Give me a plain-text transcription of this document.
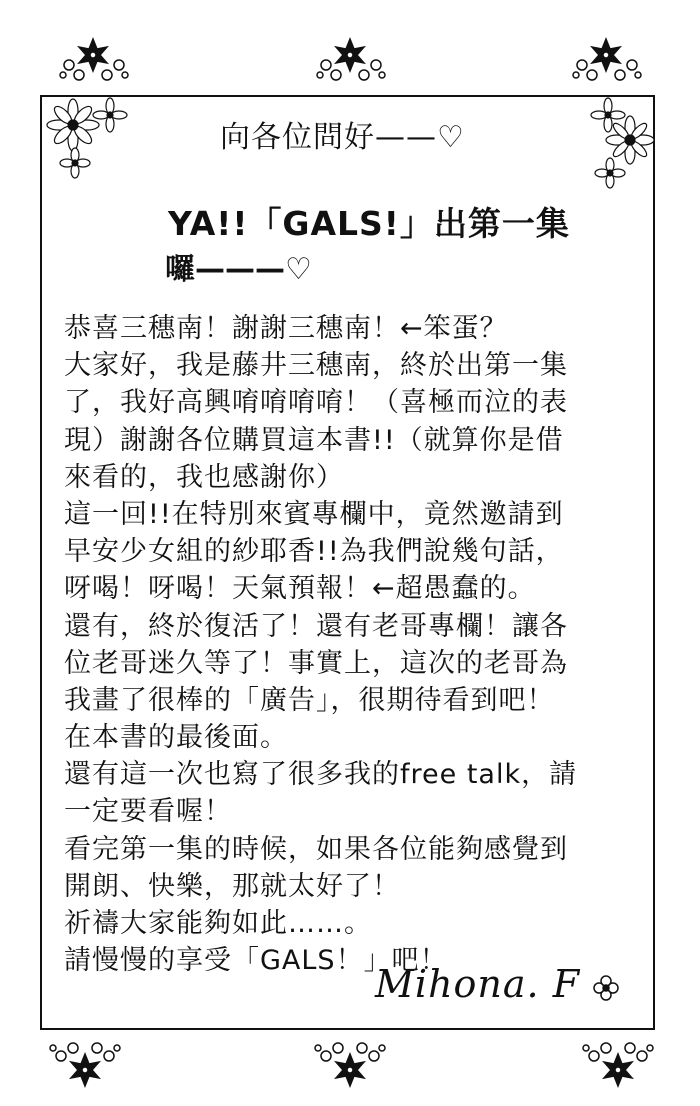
向各位問好——♡
YA!!「GALS!」出第一集
囉———♡
恭喜三穗南！謝謝三穗南！←笨蛋？
大家好，我是藤井三穗南，終於出第一集
了，我好高興唷唷唷唷！（喜極而泣的表
現）謝謝各位購買這本書!!（就算你是借
來看的，我也感謝你）
這一回!!在特別來賓專欄中，竟然邀請到
早安少女組的紗耶香!!為我們說幾句話，
呀喝！呀喝！天氣預報！←超愚蠢的。
還有，終於復活了！還有老哥專欄！讓各
位老哥迷久等了！事實上，這次的老哥為
我畫了很棒的「廣告」，很期待看到吧！
在本書的最後面。
還有這一次也寫了很多我的free talk，請
一定要看喔！
看完第一集的時候，如果各位能夠感覺到
開朗、快樂，那就太好了！
祈禱大家能夠如此……。
請慢慢的享受「GALS！」吧！
Mihona. F
